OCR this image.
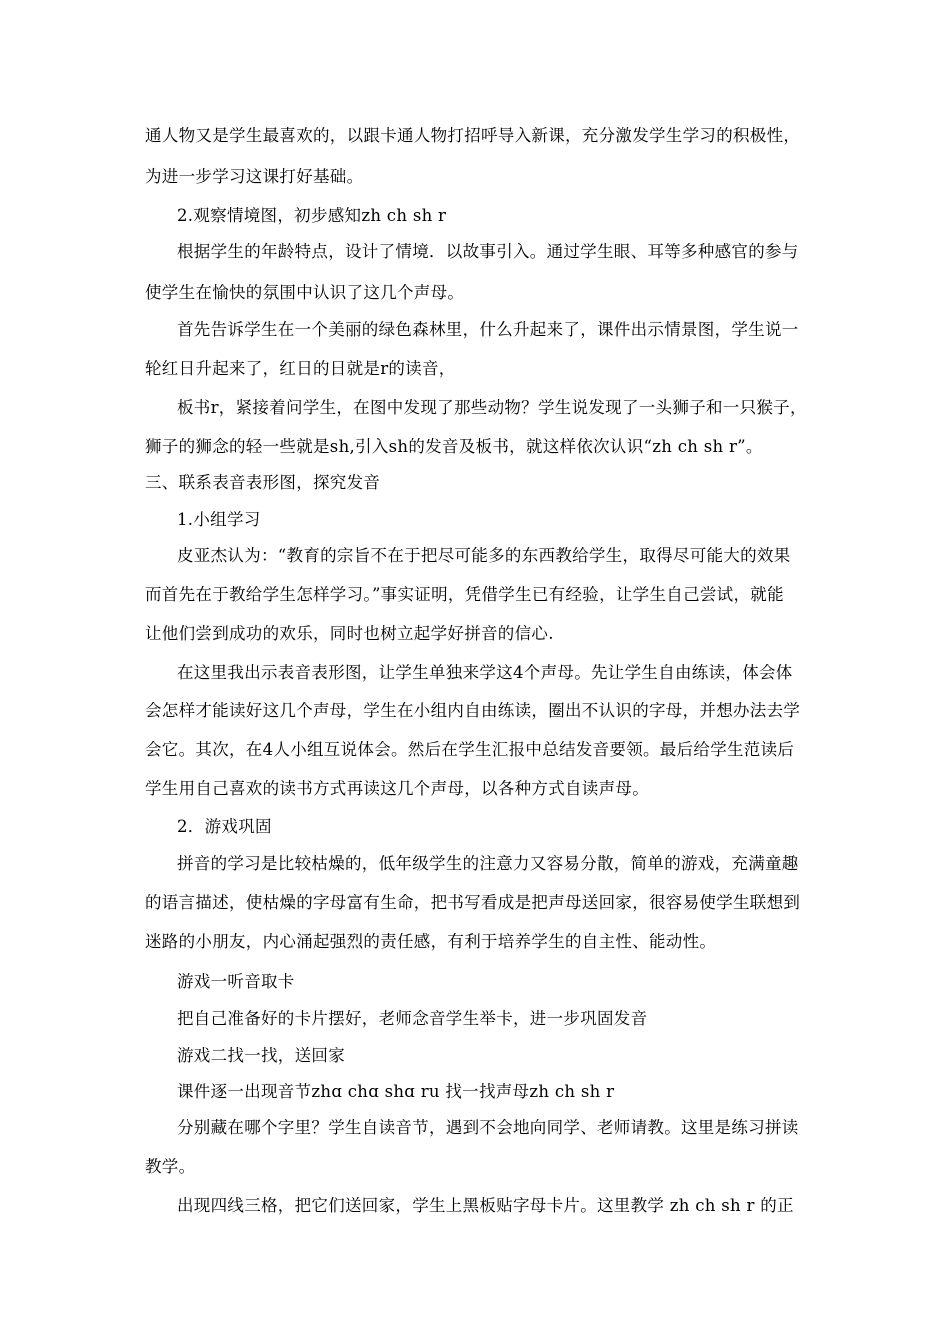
通人物又是学生最喜欢的，以跟卡通人物打招呼导入新课，充分激发学生学习的积极性，
为进一步学习这课打好基础。
2.观察情境图，初步感知zh ch sh r
根据学生的年龄特点，设计了情境．以故事引入。通过学生眼、耳等多种感官的参与
使学生在愉快的氛围中认识了这几个声母。
首先告诉学生在一个美丽的绿色森林里，什么升起来了，课件出示情景图，学生说一
轮红日升起来了，红日的日就是r的读音，
板书r，紧接着问学生，在图中发现了那些动物？学生说发现了一头狮子和一只猴子，
狮子的狮念的轻一些就是sh,引入sh的发音及板书，就这样依次认识“zh ch sh r”。
三、联系表音表形图，探究发音
1.小组学习
皮亚杰认为：“教育的宗旨不在于把尽可能多的东西教给学生，取得尽可能大的效果
而首先在于教给学生怎样学习。”事实证明，凭借学生已有经验，让学生自己尝试，就能
让他们尝到成功的欢乐，同时也树立起学好拼音的信心.
在这里我出示表音表形图，让学生单独来学这4个声母。先让学生自由练读，体会体
会怎样才能读好这几个声母，学生在小组内自由练读，圈出不认识的字母，并想办法去学
会它。其次，在4人小组互说体会。然后在学生汇报中总结发音要领。最后给学生范读后
学生用自己喜欢的读书方式再读这几个声母，以各种方式自读声母。
2．游戏巩固
拼音的学习是比较枯燥的，低年级学生的注意力又容易分散，简单的游戏，充满童趣
的语言描述，使枯燥的字母富有生命，把书写看成是把声母送回家，很容易使学生联想到
迷路的小朋友，内心涌起强烈的责任感，有利于培养学生的自主性、能动性。
游戏一听音取卡
把自己准备好的卡片摆好，老师念音学生举卡，进一步巩固发音
游戏二找一找，送回家
课件逐一出现音节zhɑ chɑ shɑ ru 找一找声母zh ch sh r
分别藏在哪个字里？学生自读音节，遇到不会地向同学、老师请教。这里是练习拼读
教学。
出现四线三格，把它们送回家，学生上黑板贴字母卡片。这里教学 zh ch sh r 的正
